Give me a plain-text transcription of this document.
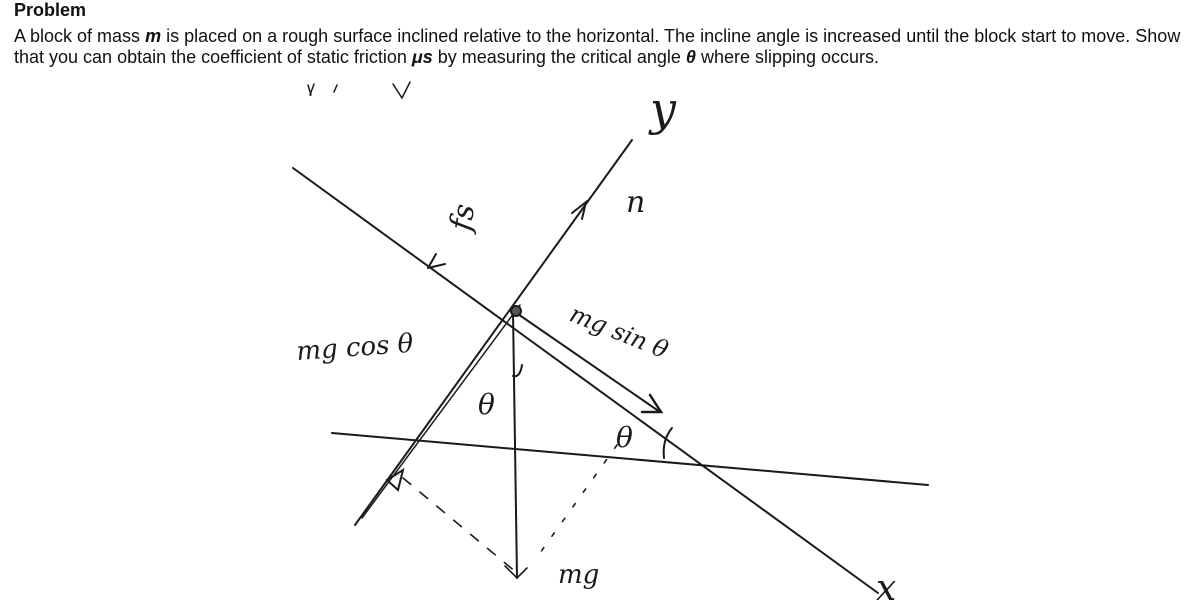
Problem

A block of mass m is placed on a rough surface inclined relative to the horizontal. The incline angle is increased until the block start to move. Show that you can obtain the coefficient of static friction μs by measuring the critical angle θ where slipping occurs.

y
x
n
fs
mg cos θ	mg sin θ
mg
θ
θ
